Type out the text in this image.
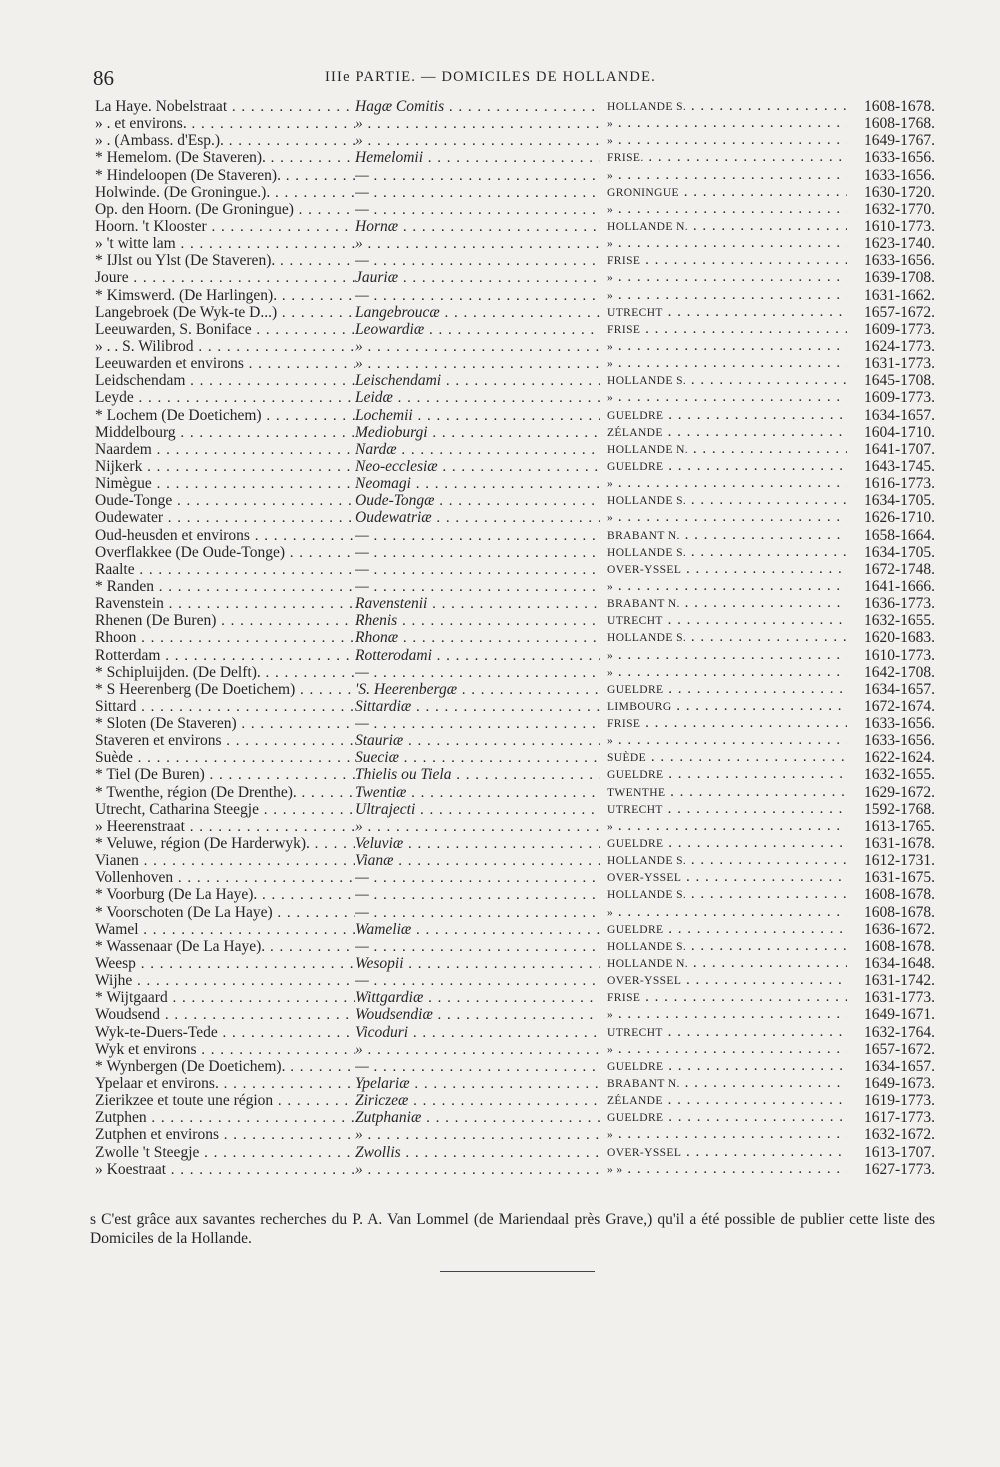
86	IIIe PARTIE. — DOMICILES DE HOLLANDE.
La Haye. Nobelstraat . . .	Hagæ Comitis . . .	HOLLANDE S. . . .	1608-1678.
» . et environs. . . .	» . . .	» . . .	1608-1768.
» . (Ambass. d'Esp.). . . .	» . . .	» . . .	1649-1767.
* Hemelom. (De Staveren). . . .	Hemelomii . . .	FRISE. . . .	1633-1656.
* Hindeloopen (De Staveren). . . .	— . . .	» . . .	1633-1656.
Holwinde. (De Groningue.). . . .	— . . .	GRONINGUE . . .	1630-1720.
Op. den Hoorn. (De Groningue) . . .	— . . .	» . . .	1632-1770.
Hoorn. 't Klooster . . .	Hornæ . . .	HOLLANDE N. . . .	1610-1773.
» 't witte lam . . .	» . . .	» . . .	1623-1740.
* IJlst ou Ylst (De Staveren). . . .	— . . .	FRISE . . .	1633-1656.
Joure . . .	Jauriæ . . .	» . . .	1639-1708.
* Kimswerd. (De Harlingen). . . .	— . . .	» . . .	1631-1662.
Langebroek (De Wyk-te D...) . . .	Langebroucæ . . .	UTRECHT . . .	1657-1672.
Leeuwarden, S. Boniface . . .	Leowardiæ . . .	FRISE . . .	1609-1773.
» . . S. Wilibrod . . .	» . . .	» . . .	1624-1773.
Leeuwarden et environs . . .	» . . .	» . . .	1631-1773.
Leidschendam . . .	Leischendami . . .	HOLLANDE S. . . .	1645-1708.
Leyde . . .	Leidæ . . .	» . . .	1609-1773.
* Lochem (De Doetichem) . . .	Lochemii . . .	GUELDRE . . .	1634-1657.
Middelbourg . . .	Medioburgi . . .	ZÉLANDE . . .	1604-1710.
Naardem . . .	Nardæ . . .	HOLLANDE N. . . .	1641-1707.
Nijkerk . . .	Neo-ecclesiæ . . .	GUELDRE . . .	1643-1745.
Nimègue . . .	Neomagi . . .	» . . .	1616-1773.
Oude-Tonge . . .	Oude-Tongæ . . .	HOLLANDE S. . . .	1634-1705.
Oudewater . . .	Oudewatriæ . . .	» . . .	1626-1710.
Oud-heusden et environs . . .	— . . .	BRABANT N. . . .	1658-1664.
Overflakkee (De Oude-Tonge) . . .	— . . .	HOLLANDE S. . . .	1634-1705.
Raalte . . .	— . . .	OVER-YSSEL . . .	1672-1748.
* Randen . . .	— . . .	» . . .	1641-1666.
Ravenstein . . .	Ravenstenii . . .	BRABANT N. . . .	1636-1773.
Rhenen (De Buren) . . .	Rhenis . . .	UTRECHT . . .	1632-1655.
Rhoon . . .	Rhonæ . . .	HOLLANDE S. . . .	1620-1683.
Rotterdam . . .	Rotterodami . . .	» . . .	1610-1773.
* Schipluijden. (De Delft). . . .	— . . .	» . . .	1642-1708.
* S Heerenberg (De Doetichem) . . .	'S. Heerenbergæ . . .	GUELDRE . . .	1634-1657.
Sittard . . .	Sittardiæ . . .	LIMBOURG . . .	1672-1674.
* Sloten (De Staveren) . . .	— . . .	FRISE . . .	1633-1656.
Staveren et environs . . .	Stauriæ . . .	» . . .	1633-1656.
Suède . . .	Sueciæ . . .	SUÈDE . . .	1622-1624.
* Tiel (De Buren) . . .	Thielis ou Tiela . . .	GUELDRE . . .	1632-1655.
* Twenthe, région (De Drenthe). . . .	Twentiæ . . .	TWENTHE . . .	1629-1672.
Utrecht, Catharina Steegje . . .	Ultrajecti . . .	UTRECHT . . .	1592-1768.
» Heerenstraat . . .	» . . .	» . . .	1613-1765.
* Veluwe, région (De Harderwyk). . . .	Veluviæ . . .	GUELDRE . . .	1631-1678.
Vianen . . .	Vianæ . . .	HOLLANDE S. . . .	1612-1731.
Vollenhoven . . .	— . . .	OVER-YSSEL . . .	1631-1675.
* Voorburg (De La Haye). . . .	— . . .	HOLLANDE S. . . .	1608-1678.
* Voorschoten (De La Haye) . . .	— . . .	» . . .	1608-1678.
Wamel . . .	Wameliæ . . .	GUELDRE . . .	1636-1672.
* Wassenaar (De La Haye). . . .	— . . .	HOLLANDE S. . . .	1608-1678.
Weesp . . .	Wesopii . . .	HOLLANDE N. . . .	1634-1648.
Wijhe . . .	— . . .	OVER-YSSEL . . .	1631-1742.
* Wijtgaard . . .	Wittgardiæ . . .	FRISE . . .	1631-1773.
Woudsend . . .	Woudsendiæ . . .	» . . .	1649-1671.
Wyk-te-Duers-Tede . . .	Vicoduri . . .	UTRECHT . . .	1632-1764.
Wyk et environs . . .	» . . .	» . . .	1657-1672.
* Wynbergen (De Doetichem). . . .	— . . .	GUELDRE . . .	1634-1657.
Ypelaar et environs. . . .	Ypelariæ . . .	BRABANT N. . . .	1649-1673.
Zierikzee et toute une région . . .	Ziriczeæ . . .	ZÉLANDE . . .	1619-1773.
Zutphen . . .	Zutphaniæ . . .	GUELDRE . . .	1617-1773.
Zutphen et environs . . .	» . . .	» . . .	1632-1672.
Zwolle 't Steegje . . .	Zwollis . . .	OVER-YSSEL . . .	1613-1707.
» Koestraat . . .	» . . .	» » . . .	1627-1773.
s C'est grâce aux savantes recherches du P. A. Van Lommel (de Mariendaal près Grave,) qu'il a été possible de publier cette liste des Domiciles de la Hollande.
